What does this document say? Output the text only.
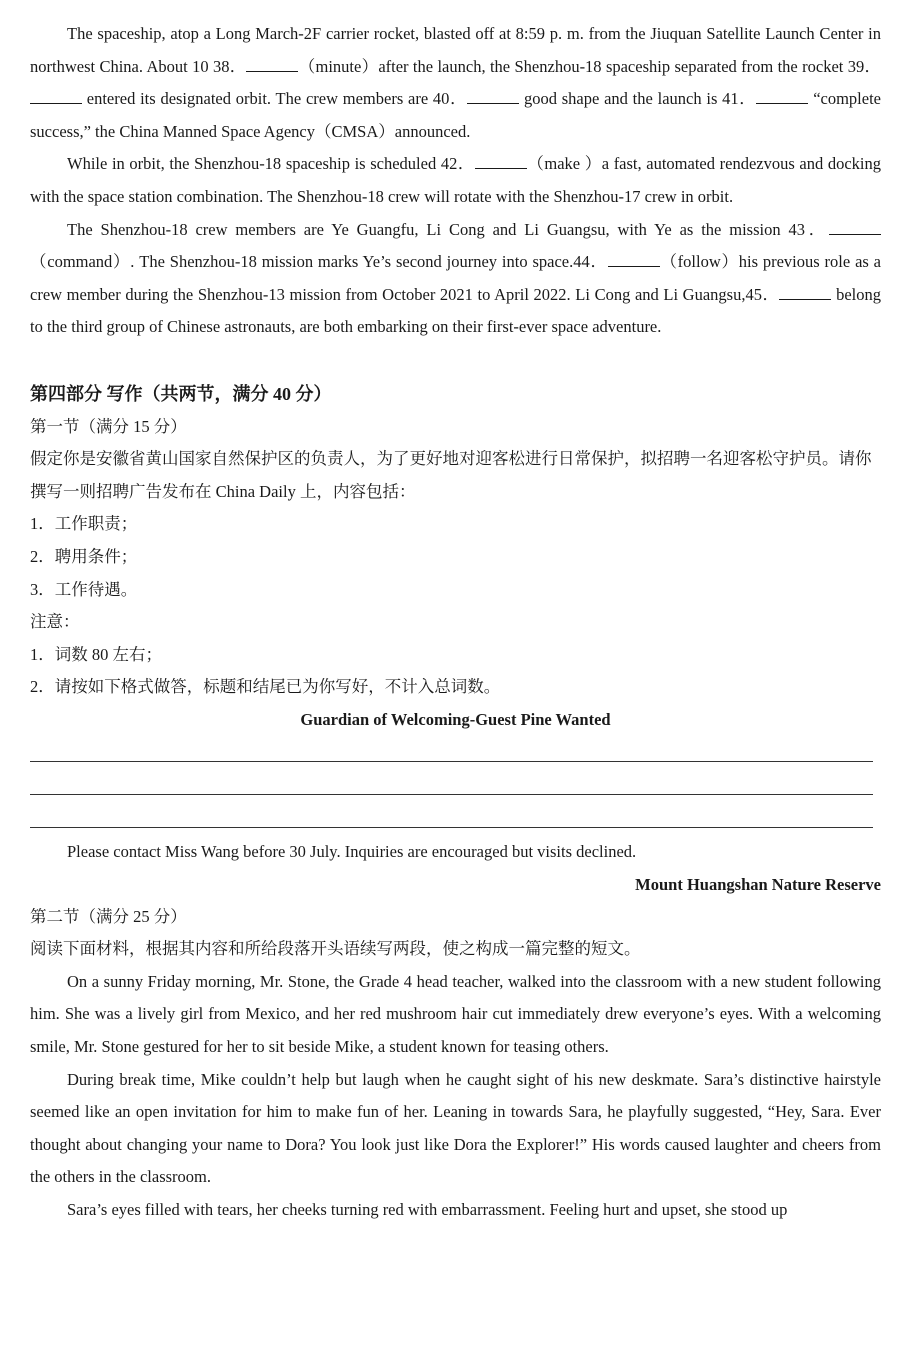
The spaceship, atop a Long March-2F carrier rocket, blasted off at 8:59 p. m. from the Jiuquan Satellite Launch Center in northwest China. About 10 38．	（minute）after the launch, the Shenzhou-18 spaceship separated from the rocket 39． entered its designated orbit. The crew members are 40．	good shape and the launch is 41．	“complete success,” the China Manned Space Agency（CMSA）announced.

While in orbit, the Shenzhou-18 spaceship is scheduled 42．	（make ）a fast, automated rendezvous and docking with the space station combination. The Shenzhou-18 crew will rotate with the Shenzhou-17 crew in orbit.

The Shenzhou-18 crew members are Ye Guangfu, Li Cong and Li Guangsu, with Ye as the mission 43．（command）. The Shenzhou-18 mission marks Ye’s second journey into space.44．	（follow）his previous role as a crew member during the Shenzhou-13 mission from October 2021 to April 2022. Li Cong and Li Guangsu,45．	belong to the third group of Chinese astronauts, are both embarking on their first-ever space adventure.

第四部分 写作（共两节，满分 40 分）

第一节（满分 15 分）

假定你是安徽省黄山国家自然保护区的负责人，为了更好地对迎客松进行日常保护，拟招聘一名迎客松守护员。请你撰写一则招聘广告发布在 China Daily 上，内容包括：

1．工作职责；

2．聘用条件；

3．工作待遇。

注意：

1．词数 80 左右；

2．请按如下格式做答，标题和结尾已为你写好，不计入总词数。

Guardian of Welcoming-Guest Pine Wanted

Please contact Miss Wang before 30 July. Inquiries are encouraged but visits declined.

Mount Huangshan Nature Reserve

第二节（满分 25 分）

阅读下面材料，根据其内容和所给段落开头语续写两段，使之构成一篇完整的短文。

On a sunny Friday morning, Mr. Stone, the Grade 4 head teacher, walked into the classroom with a new student following him. She was a lively girl from Mexico, and her red mushroom hair cut immediately drew everyone’s eyes. With a welcoming smile, Mr. Stone gestured for her to sit beside Mike, a student known for teasing others.

During break time, Mike couldn’t help but laugh when he caught sight of his new deskmate. Sara’s distinctive hairstyle seemed like an open invitation for him to make fun of her. Leaning in towards Sara, he playfully suggested, “Hey, Sara. Ever thought about changing your name to Dora? You look just like Dora the Explorer!” His words caused laughter and cheers from the others in the classroom.

Sara’s eyes filled with tears, her cheeks turning red with embarrassment. Feeling hurt and upset, she stood up
